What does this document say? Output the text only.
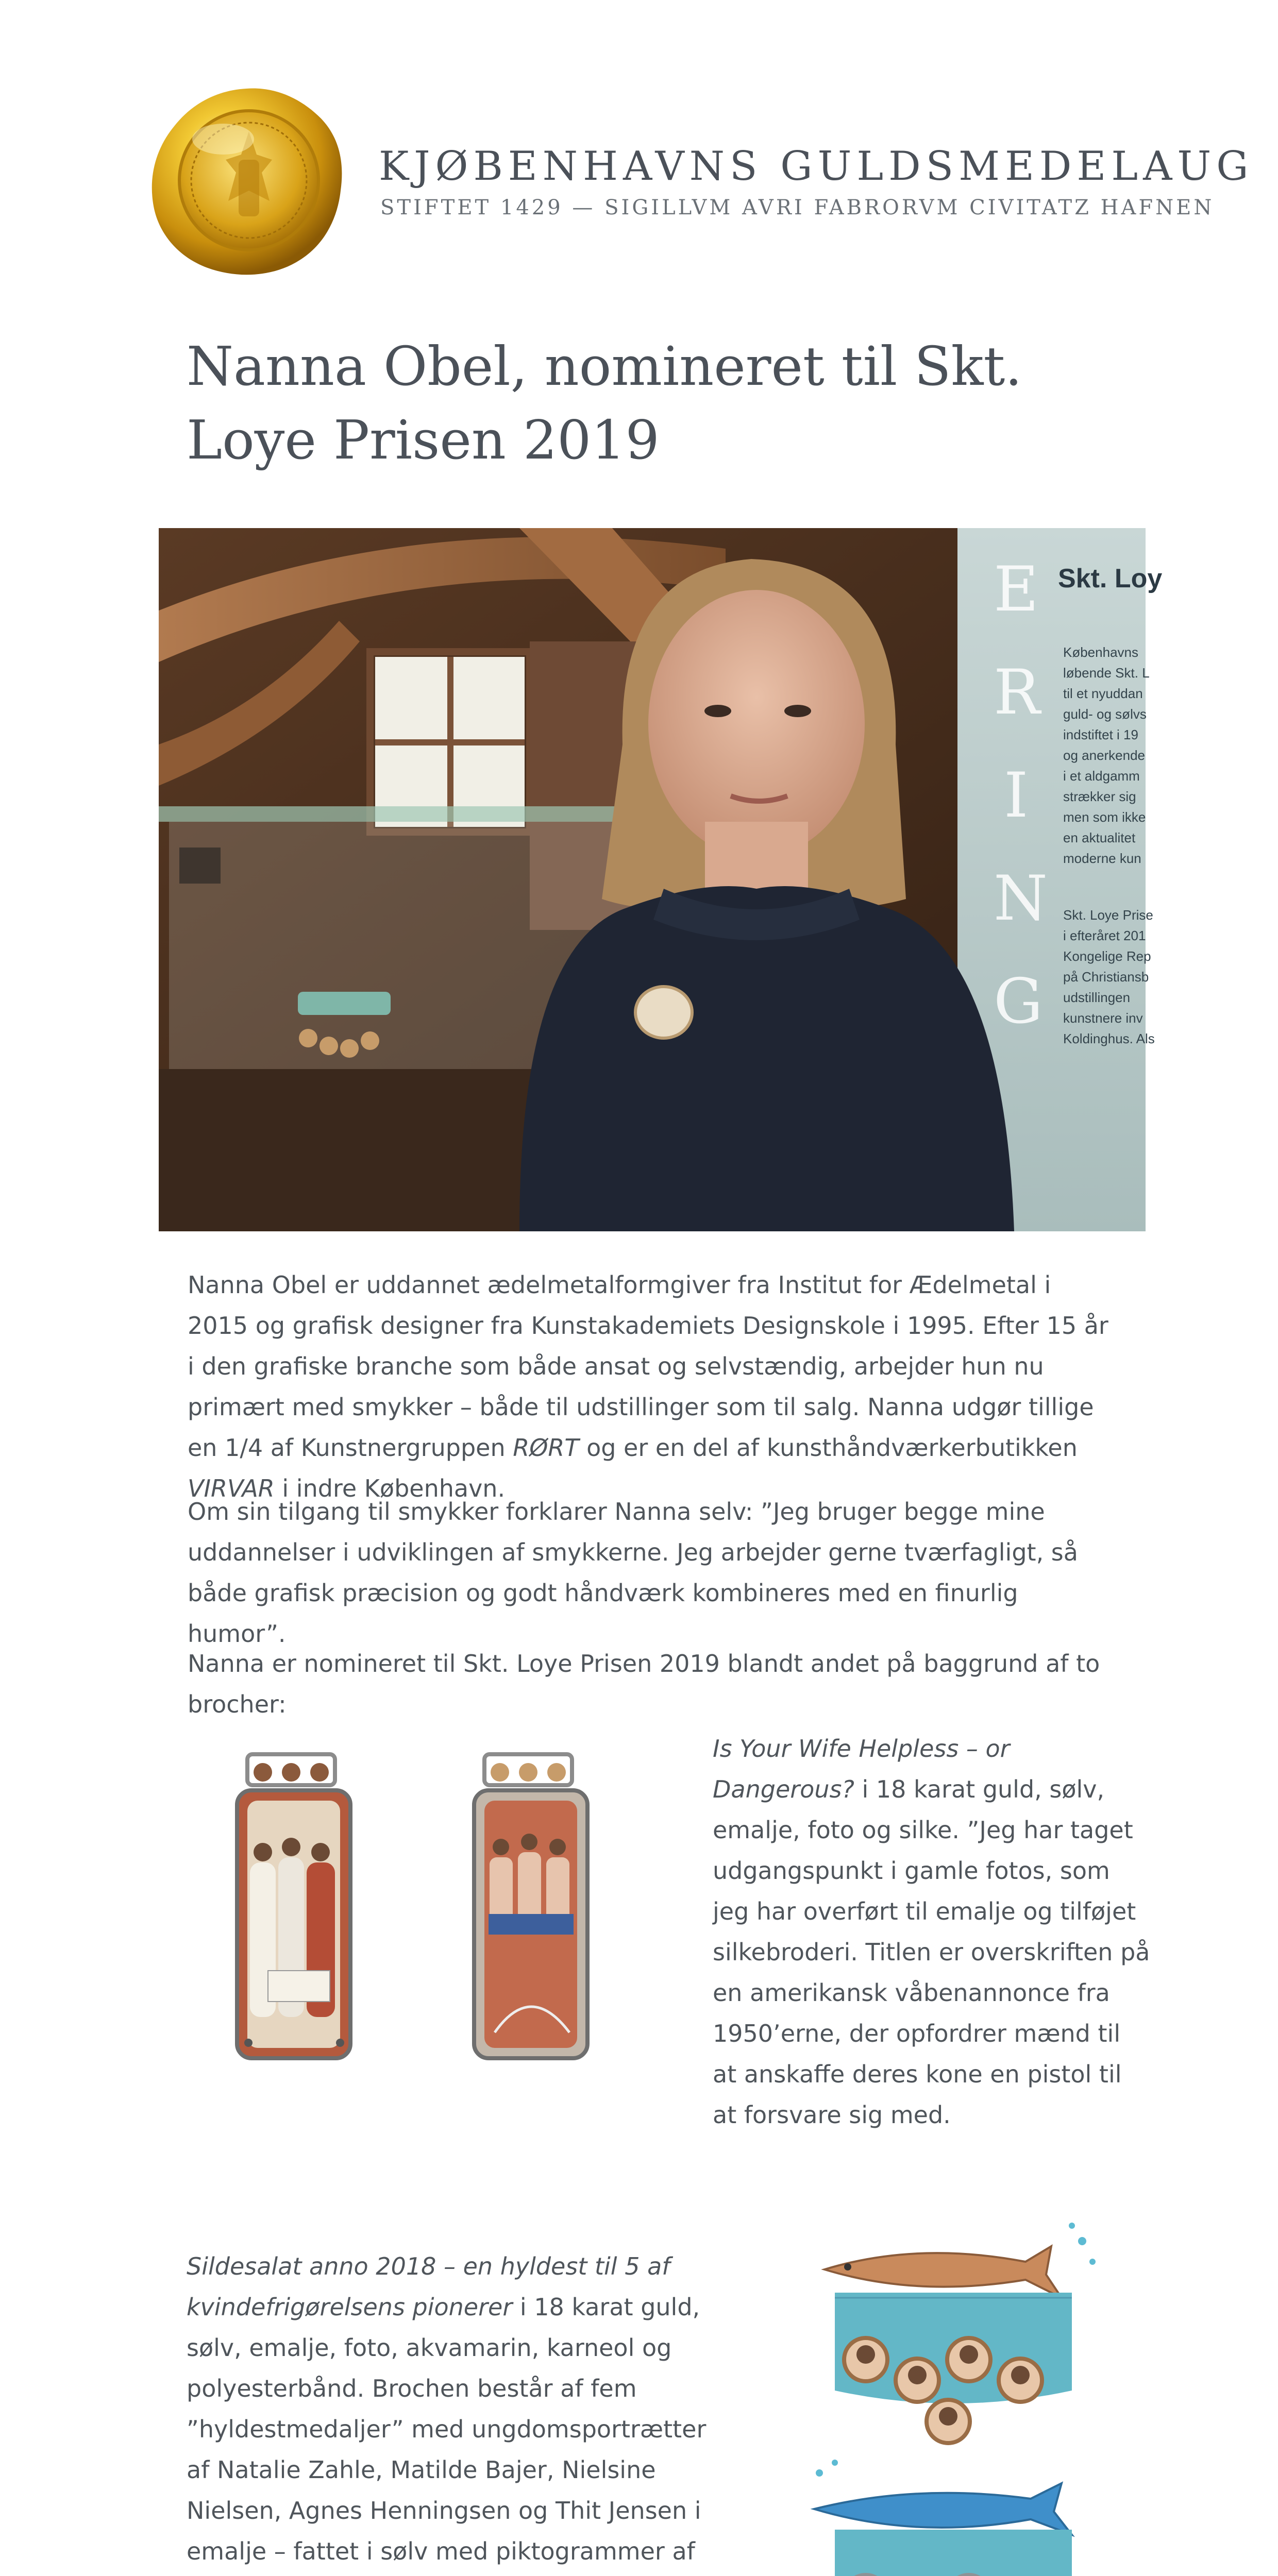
KJØBENHAVNS GULDSMEDELAUG
STIFTET 1429 — SIGILLVM AVRI FABRORVM CIVITATZ HAFNEN
Nanna Obel, nomineret til Skt. Loye Prisen 2019
E
R
I
N
G
Skt. Loy
Københavns
løbende Skt. L
til et nyuddan
guld- og sølvs
indstiftet i 19
og anerkende
i et aldgamm
strækker sig
men som ikke
en aktualitet
moderne kun
Skt. Loye Prise
i efteråret 201
Kongelige Rep
på Christiansb
udstillingen
kunstnere inv
Koldinghus. Als
Nanna Obel er uddannet ædelmetalformgiver fra Institut for Ædelmetal i 2015 og grafisk designer fra Kunstakademiets Designskole i 1995. Efter 15 år i den grafiske branche som både ansat og selvstændig, arbejder hun nu primært med smykker – både til udstillinger som til salg. Nanna udgør tillige en 1/4 af Kunstnergruppen RØRT og er en del af kunsthåndværkerbutikken VIRVAR i indre København.
Om sin tilgang til smykker forklarer Nanna selv: ”Jeg bruger begge mine uddannelser i udviklingen af smykkerne. Jeg arbejder gerne tværfagligt, så både grafisk præcision og godt håndværk kombineres med en finurlig humor”.
Nanna er nomineret til Skt. Loye Prisen 2019 blandt andet på baggrund af to brocher:
Is Your Wife Helpless – or Dangerous? i 18 karat guld, sølv, emalje, foto og silke. ”Jeg har taget udgangspunkt i gamle fotos, som jeg har overført til emalje og tilføjet silkebroderi. Titlen er overskriften på en amerikansk våbenannonce fra 1950’erne, der opfordrer mænd til at anskaffe deres kone en pistol til at forsvare sig med.
Sildesalat anno 2018 – en hyldest til 5 af kvindefrigørelsens pionerer i 18 karat guld, sølv, emalje, foto, akvamarin, karneol og polyesterbånd. Brochen består af fem ”hyldestmedaljer” med ungdomsportrætter af Natalie Zahle, Matilde Bajer, Nielsine Nielsen, Agnes Henningsen og Thit Jensen i emalje – fattet i sølv med piktogrammer af
